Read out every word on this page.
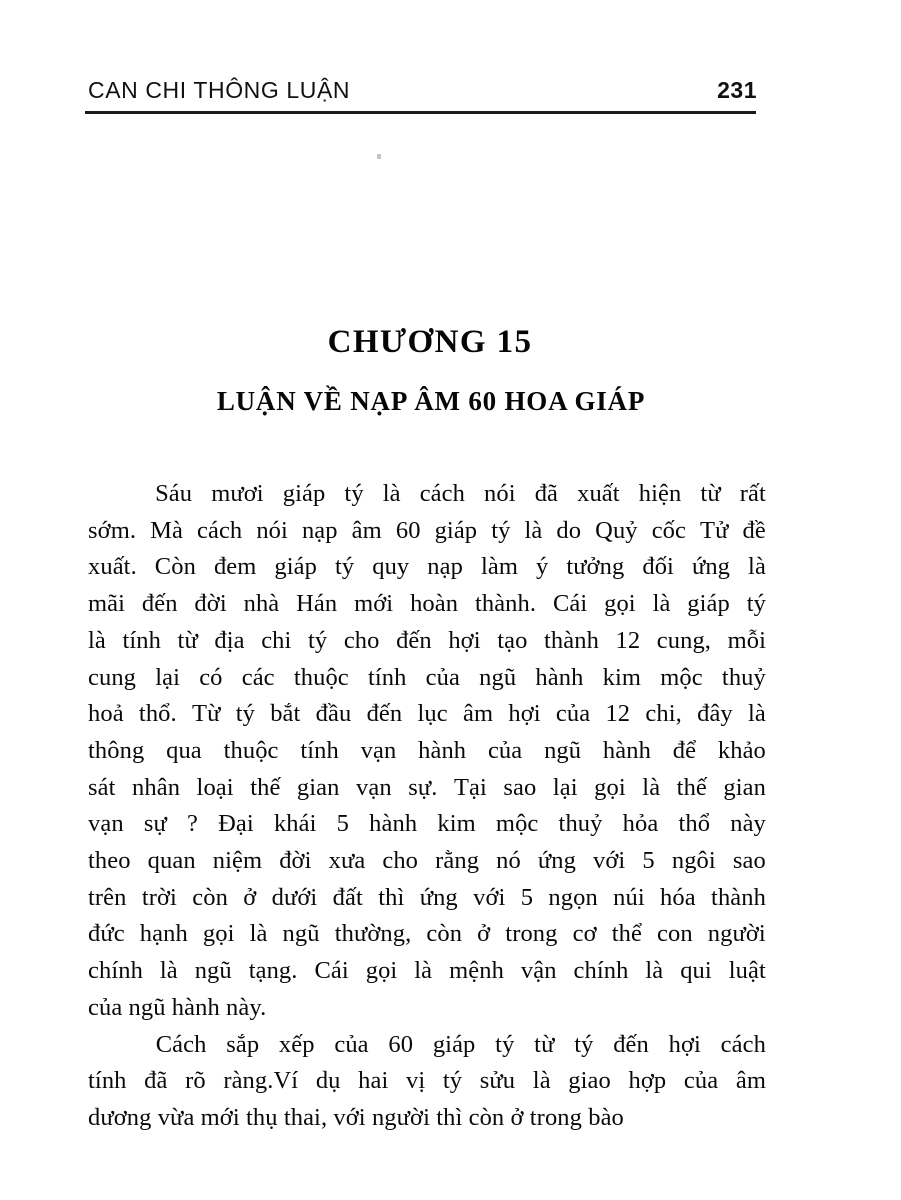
CAN CHI THÔNG LUẬN	231
CHƯƠNG 15
LUẬN VỀ NẠP ÂM 60 HOA GIÁP
Sáu mươi giáp tý là cách nói đã xuất hiện từ rất
sớm. Mà cách nói nạp âm 60 giáp tý là do Quỷ cốc Tử đề
xuất. Còn đem giáp tý quy nạp làm ý tưởng đối ứng là
mãi đến đời nhà Hán mới hoàn thành. Cái gọi là giáp tý
là tính từ địa chi tý cho đến hợi tạo thành 12 cung, mỗi
cung lại có các thuộc tính của ngũ hành kim mộc thuỷ
hoả thổ. Từ tý bắt đầu đến lục âm hợi của 12 chi, đây là
thông qua thuộc tính vạn hành của ngũ hành để khảo
sát nhân loại thế gian vạn sự. Tại sao lại gọi là thế gian
vạn sự ? Đại khái 5 hành kim mộc thuỷ hỏa thổ này
theo quan niệm đời xưa cho rằng nó ứng với 5 ngôi sao
trên trời còn ở dưới đất thì ứng với 5 ngọn núi hóa thành
đức hạnh gọi là ngũ thường, còn ở trong cơ thể con người
chính là ngũ tạng. Cái gọi là mệnh vận chính là qui luật
của ngũ hành này.
Cách sắp xếp của 60 giáp tý từ tý đến hợi cách
tính đã rõ ràng.Ví dụ hai vị tý sửu là giao hợp của âm
dương vừa mới thụ thai, với người thì còn ở trong bào
